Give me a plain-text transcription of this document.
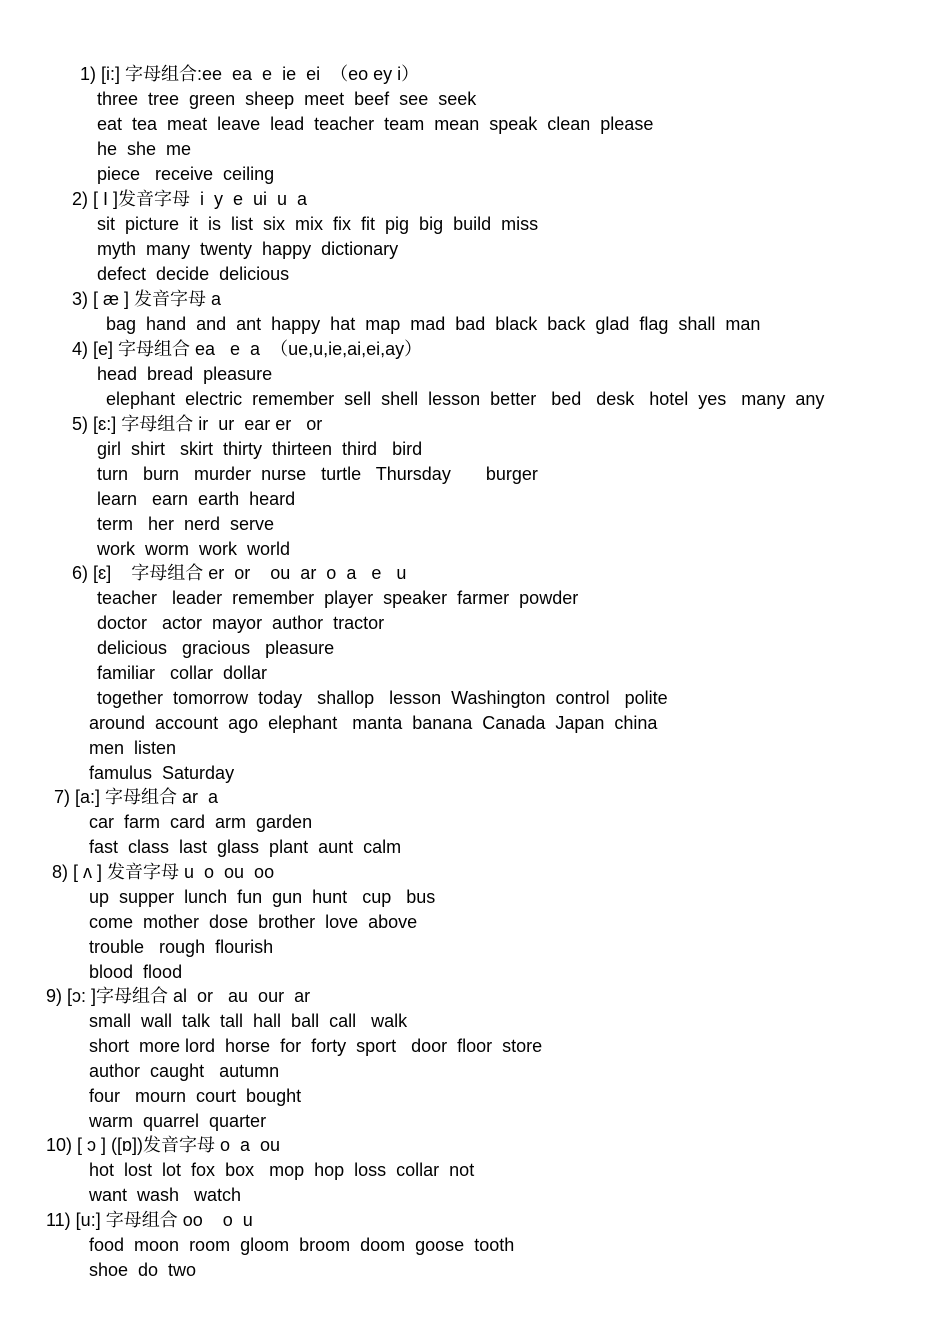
1) [i:] 字母组合:ee  ea  e  ie  ei  （eo ey i）
three  tree  green  sheep  meet  beef  see  seek
eat  tea  meat  leave  lead  teacher  team  mean  speak  clean  please
he  she  me
piece   receive  ceiling
2) [ I ]发音字母  i  y  e  ui  u  a
sit  picture  it  is  list  six  mix  fix  fit  pig  big  build  miss
myth  many  twenty  happy  dictionary
defect  decide  delicious
3) [ æ ] 发音字母 a
bag  hand  and  ant  happy  hat  map  mad  bad  black  back  glad  flag  shall  man
4) [e] 字母组合 ea   e  a  （ue,u,ie,ai,ei,ay）
head  bread  pleasure
elephant  electric  remember  sell  shell  lesson  better   bed   desk   hotel  yes   many  any
5) [ɛ:] 字母组合 ir  ur  ear er   or
girl  shirt   skirt  thirty  thirteen  third   bird
turn   burn   murder  nurse   turtle   Thursday       burger
learn   earn  earth  heard
term   her  nerd  serve
work  worm  work  world
6) [ɛ]    字母组合 er  or    ou  ar  o  a   e   u
teacher   leader  remember  player  speaker  farmer  powder
doctor   actor  mayor  author  tractor
delicious   gracious   pleasure
familiar   collar  dollar
together  tomorrow  today   shallop   lesson  Washington  control   polite
around  account  ago  elephant   manta  banana  Canada  Japan  china
men  listen
famulus  Saturday
7) [a:] 字母组合 ar  a
car  farm  card  arm  garden
fast  class  last  glass  plant  aunt  calm
8) [ ʌ ] 发音字母 u  o  ou  oo
up  supper  lunch  fun  gun  hunt   cup   bus
come  mother  dose  brother  love  above
trouble   rough  flourish
blood  flood
9) [ɔ: ]字母组合 al  or   au  our  ar
small  wall  talk  tall  hall  ball  call   walk
short  more lord  horse  for  forty  sport   door  floor  store
author  caught   autumn
four   mourn  court  bought
warm  quarrel  quarter
10) [ ɔ ] ([ɒ])发音字母 o  a  ou
hot  lost  lot  fox  box   mop  hop  loss  collar  not
want  wash   watch
11) [u:] 字母组合 oo    o  u
food  moon  room  gloom  broom  doom  goose  tooth
shoe  do  two
